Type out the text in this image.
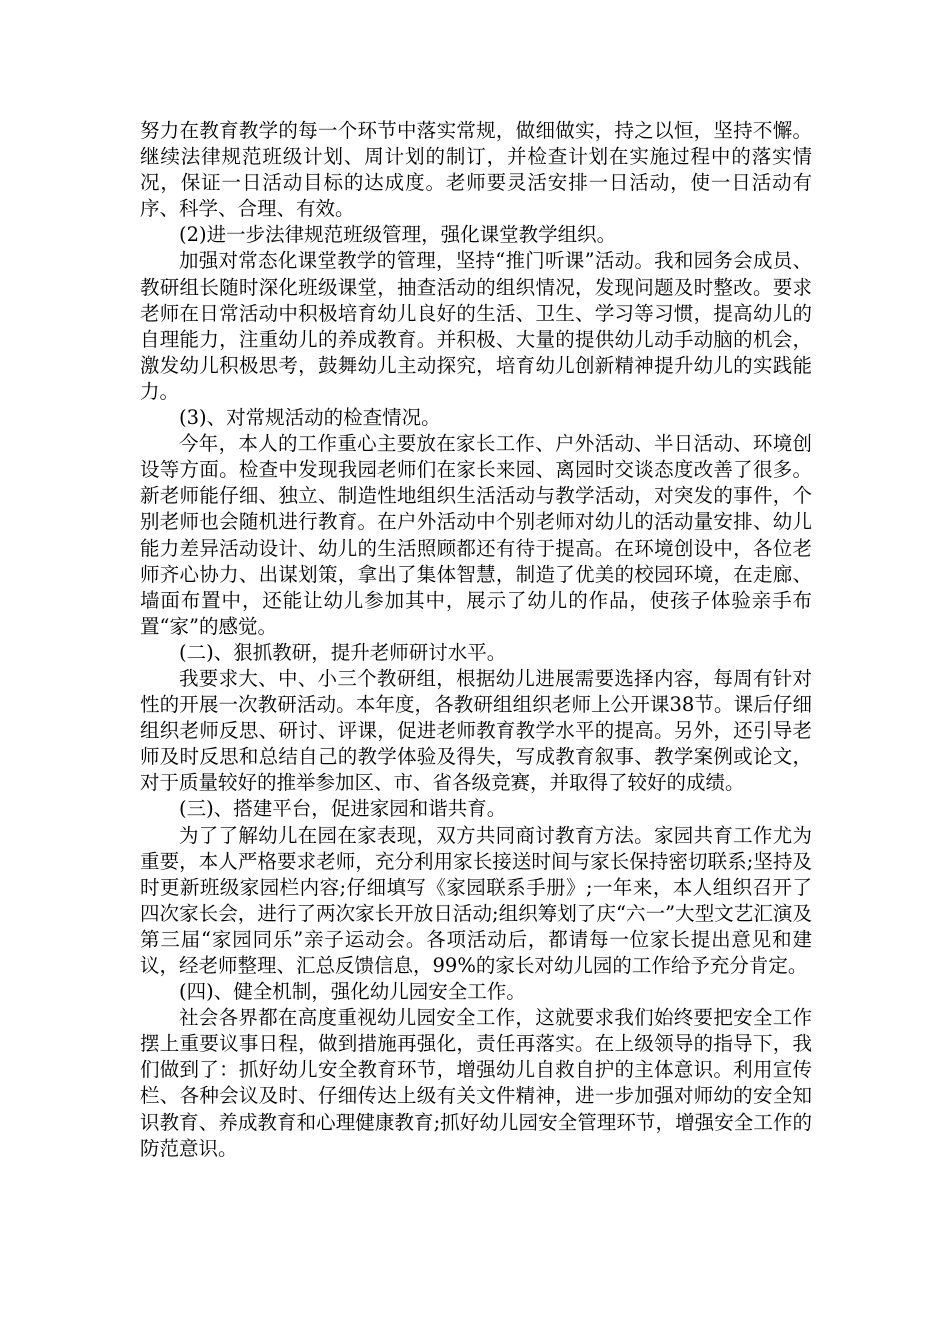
努力在教育教学的每一个环节中落实常规，做细做实，持之以恒，坚持不懈。继续法律规范班级计划、周计划的制订，并检查计划在实施过程中的落实情况，保证一日活动目标的达成度。老师要灵活安排一日活动，使一日活动有序、科学、合理、有效。

(2)进一步法律规范班级管理，强化课堂教学组织。

加强对常态化课堂教学的管理，坚持“推门听课”活动。我和园务会成员、教研组长随时深化班级课堂，抽查活动的组织情况，发现问题及时整改。要求老师在日常活动中积极培育幼儿良好的生活、卫生、学习等习惯，提高幼儿的自理能力，注重幼儿的养成教育。并积极、大量的提供幼儿动手动脑的机会，激发幼儿积极思考，鼓舞幼儿主动探究，培育幼儿创新精神提升幼儿的实践能力。

(3)、对常规活动的检查情况。

今年，本人的工作重心主要放在家长工作、户外活动、半日活动、环境创设等方面。检查中发现我园老师们在家长来园、离园时交谈态度改善了很多。新老师能仔细、独立、制造性地组织生活活动与教学活动，对突发的事件，个别老师也会随机进行教育。在户外活动中个别老师对幼儿的活动量安排、幼儿能力差异活动设计、幼儿的生活照顾都还有待于提高。在环境创设中，各位老师齐心协力、出谋划策，拿出了集体智慧，制造了优美的校园环境，在走廊、墙面布置中，还能让幼儿参加其中，展示了幼儿的作品，使孩子体验亲手布置“家”的感觉。

(二)、狠抓教研，提升老师研讨水平。

我要求大、中、小三个教研组，根据幼儿进展需要选择内容，每周有针对性的开展一次教研活动。本年度，各教研组组织老师上公开课38节。课后仔细组织老师反思、研讨、评课，促进老师教育教学水平的提高。另外，还引导老师及时反思和总结自己的教学体验及得失，写成教育叙事、教学案例或论文，对于质量较好的推举参加区、市、省各级竞赛，并取得了较好的成绩。

(三)、搭建平台，促进家园和谐共育。

为了了解幼儿在园在家表现，双方共同商讨教育方法。家园共育工作尤为重要，本人严格要求老师，充分利用家长接送时间与家长保持密切联系;坚持及时更新班级家园栏内容;仔细填写《家园联系手册》;一年来，本人组织召开了四次家长会，进行了两次家长开放日活动;组织筹划了庆“六一”大型文艺汇演及第三届“家园同乐”亲子运动会。各项活动后，都请每一位家长提出意见和建议，经老师整理、汇总反馈信息，99%的家长对幼儿园的工作给予充分肯定。

(四)、健全机制，强化幼儿园安全工作。

社会各界都在高度重视幼儿园安全工作，这就要求我们始终要把安全工作摆上重要议事日程，做到措施再强化，责任再落实。在上级领导的指导下，我们做到了：抓好幼儿安全教育环节，增强幼儿自救自护的主体意识。利用宣传栏、各种会议及时、仔细传达上级有关文件精神，进一步加强对师幼的安全知识教育、养成教育和心理健康教育;抓好幼儿园安全管理环节，增强安全工作的防范意识。
